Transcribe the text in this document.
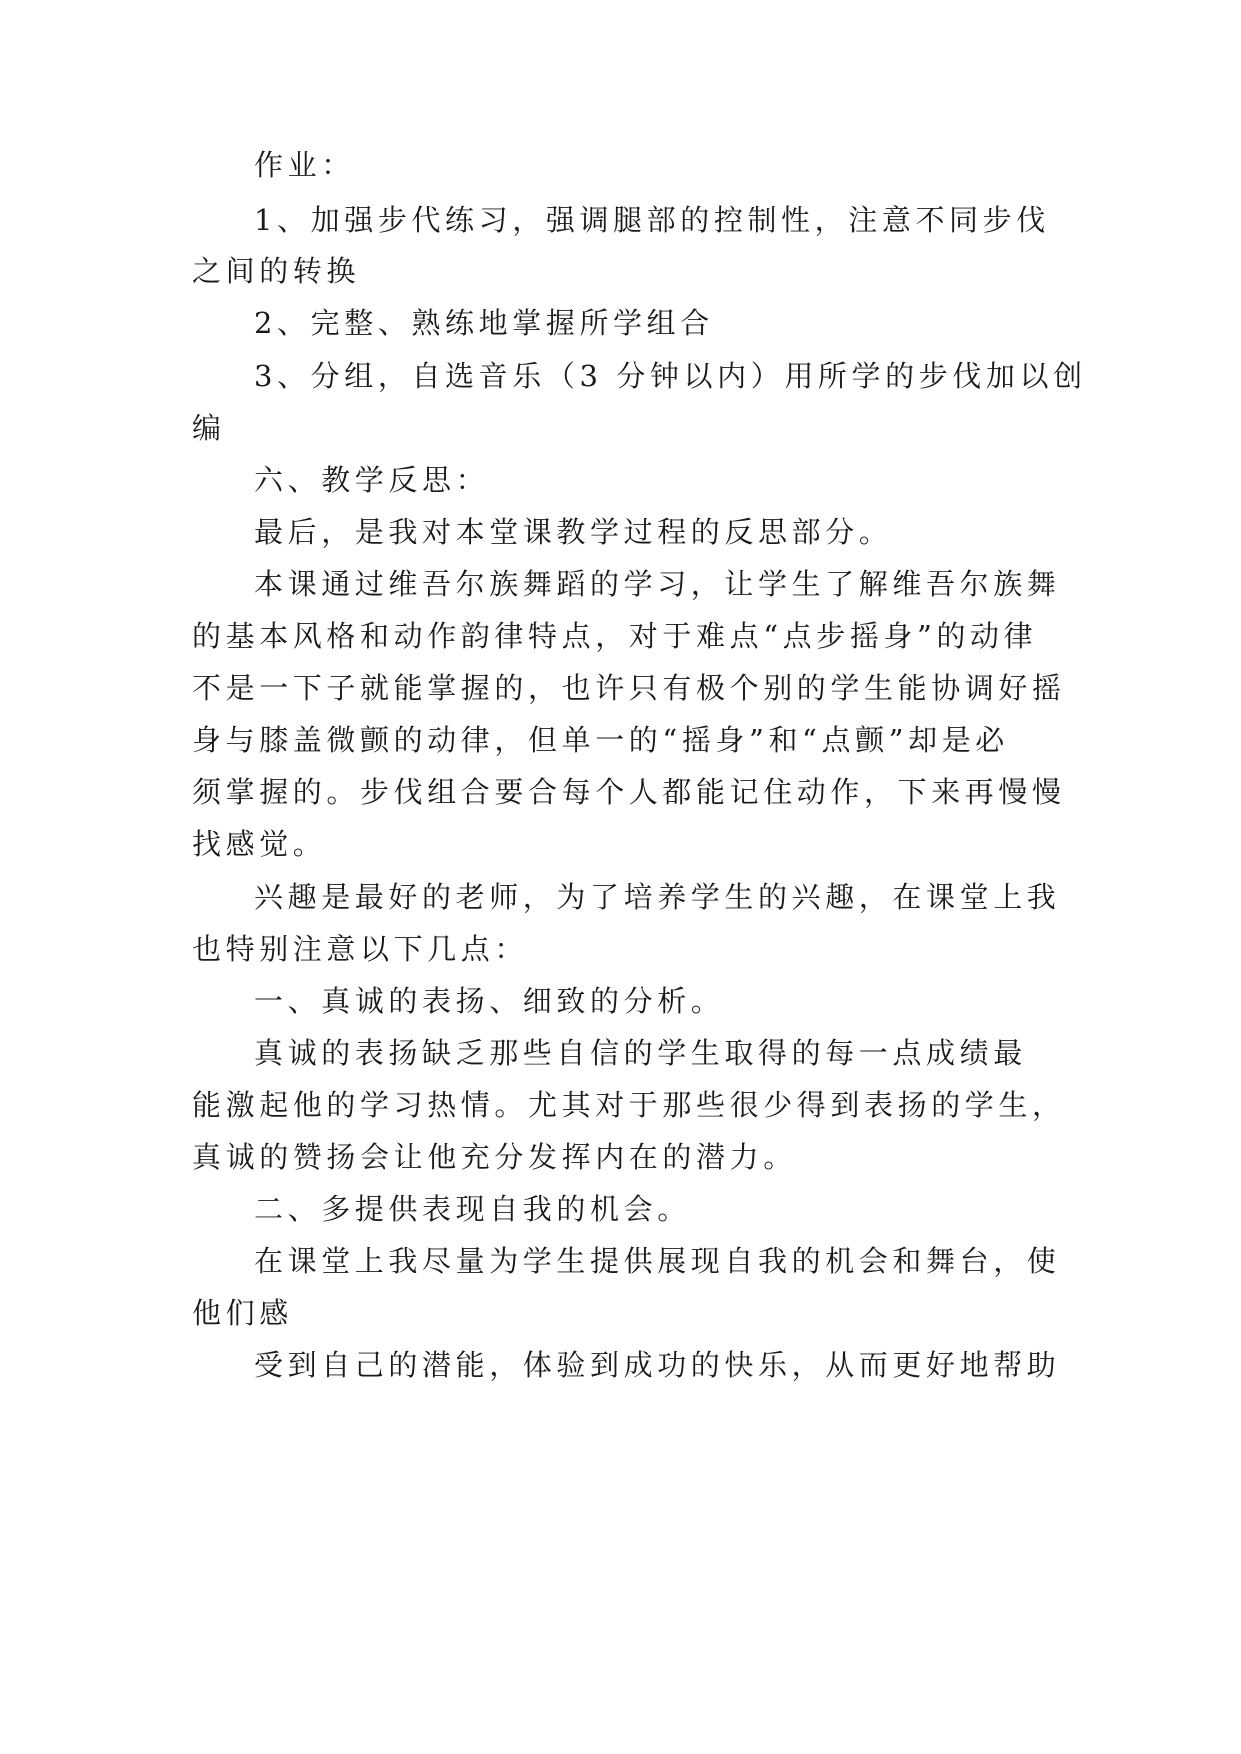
作业：
1、加强步代练习，强调腿部的控制性，注意不同步伐
之间的转换
2、完整、熟练地掌握所学组合
3、分组，自选音乐（3 分钟以内）用所学的步伐加以创
编
六、教学反思：
最后，是我对本堂课教学过程的反思部分。
本课通过维吾尔族舞蹈的学习，让学生了解维吾尔族舞
的基本风格和动作韵律特点，对于难点“点步摇身”的动律
不是一下子就能掌握的，也许只有极个别的学生能协调好摇
身与膝盖微颤的动律，但单一的“摇身”和“点颤”却是必
须掌握的。步伐组合要合每个人都能记住动作，下来再慢慢
找感觉。
兴趣是最好的老师，为了培养学生的兴趣，在课堂上我
也特别注意以下几点：
一、真诚的表扬、细致的分析。
真诚的表扬缺乏那些自信的学生取得的每一点成绩最
能激起他的学习热情。尤其对于那些很少得到表扬的学生，
真诚的赞扬会让他充分发挥内在的潜力。
二、多提供表现自我的机会。
在课堂上我尽量为学生提供展现自我的机会和舞台，使
他们感
受到自己的潜能，体验到成功的快乐，从而更好地帮助
